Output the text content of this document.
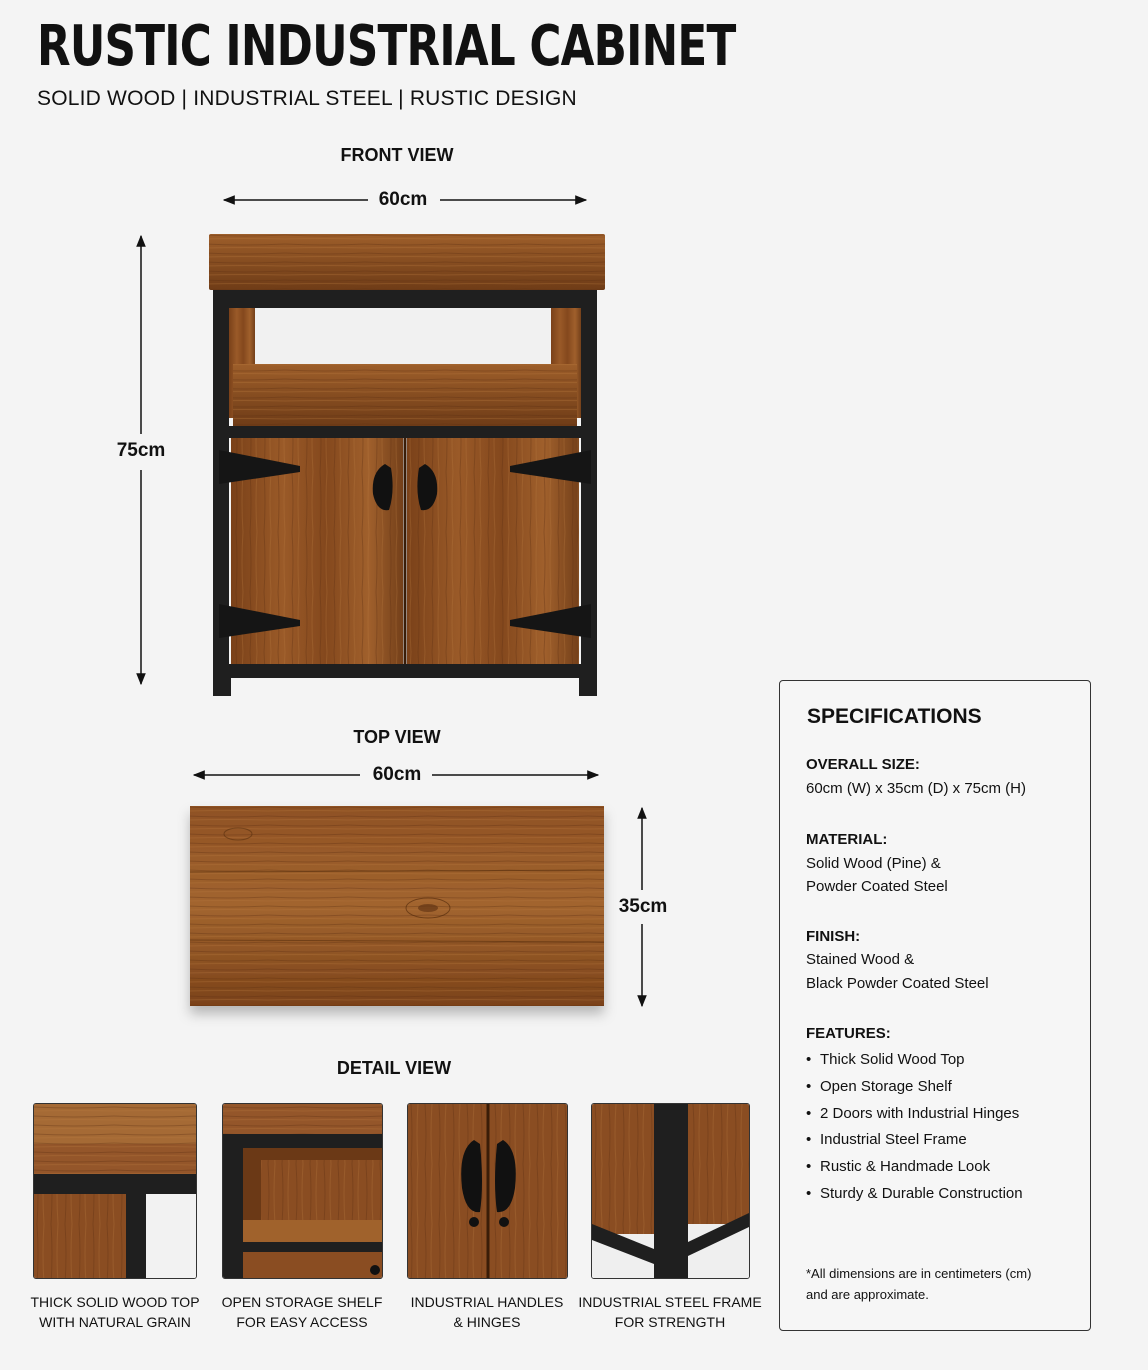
RUSTIC INDUSTRIAL CABINET
SOLID WOOD | INDUSTRIAL STEEL | RUSTIC DESIGN
FRONT VIEW
60cm
75cm
TOP VIEW
60cm
35cm
DETAIL VIEW
THICK SOLID WOOD TOP
WITH NATURAL GRAIN
OPEN STORAGE SHELF
FOR EASY ACCESS
INDUSTRIAL HANDLES
& HINGES
INDUSTRIAL STEEL FRAME
FOR STRENGTH
SPECIFICATIONS
OVERALL SIZE:
60cm (W) x 35cm (D) x 75cm (H)
MATERIAL:
Solid Wood (Pine) &
Powder Coated Steel
FINISH:
Stained Wood &
Black Powder Coated Steel
FEATURES:
• Thick Solid Wood Top
• Open Storage Shelf
• 2 Doors with Industrial Hinges
• Industrial Steel Frame
• Rustic & Handmade Look
• Sturdy & Durable Construction
*All dimensions are in centimeters (cm)
and are approximate.
